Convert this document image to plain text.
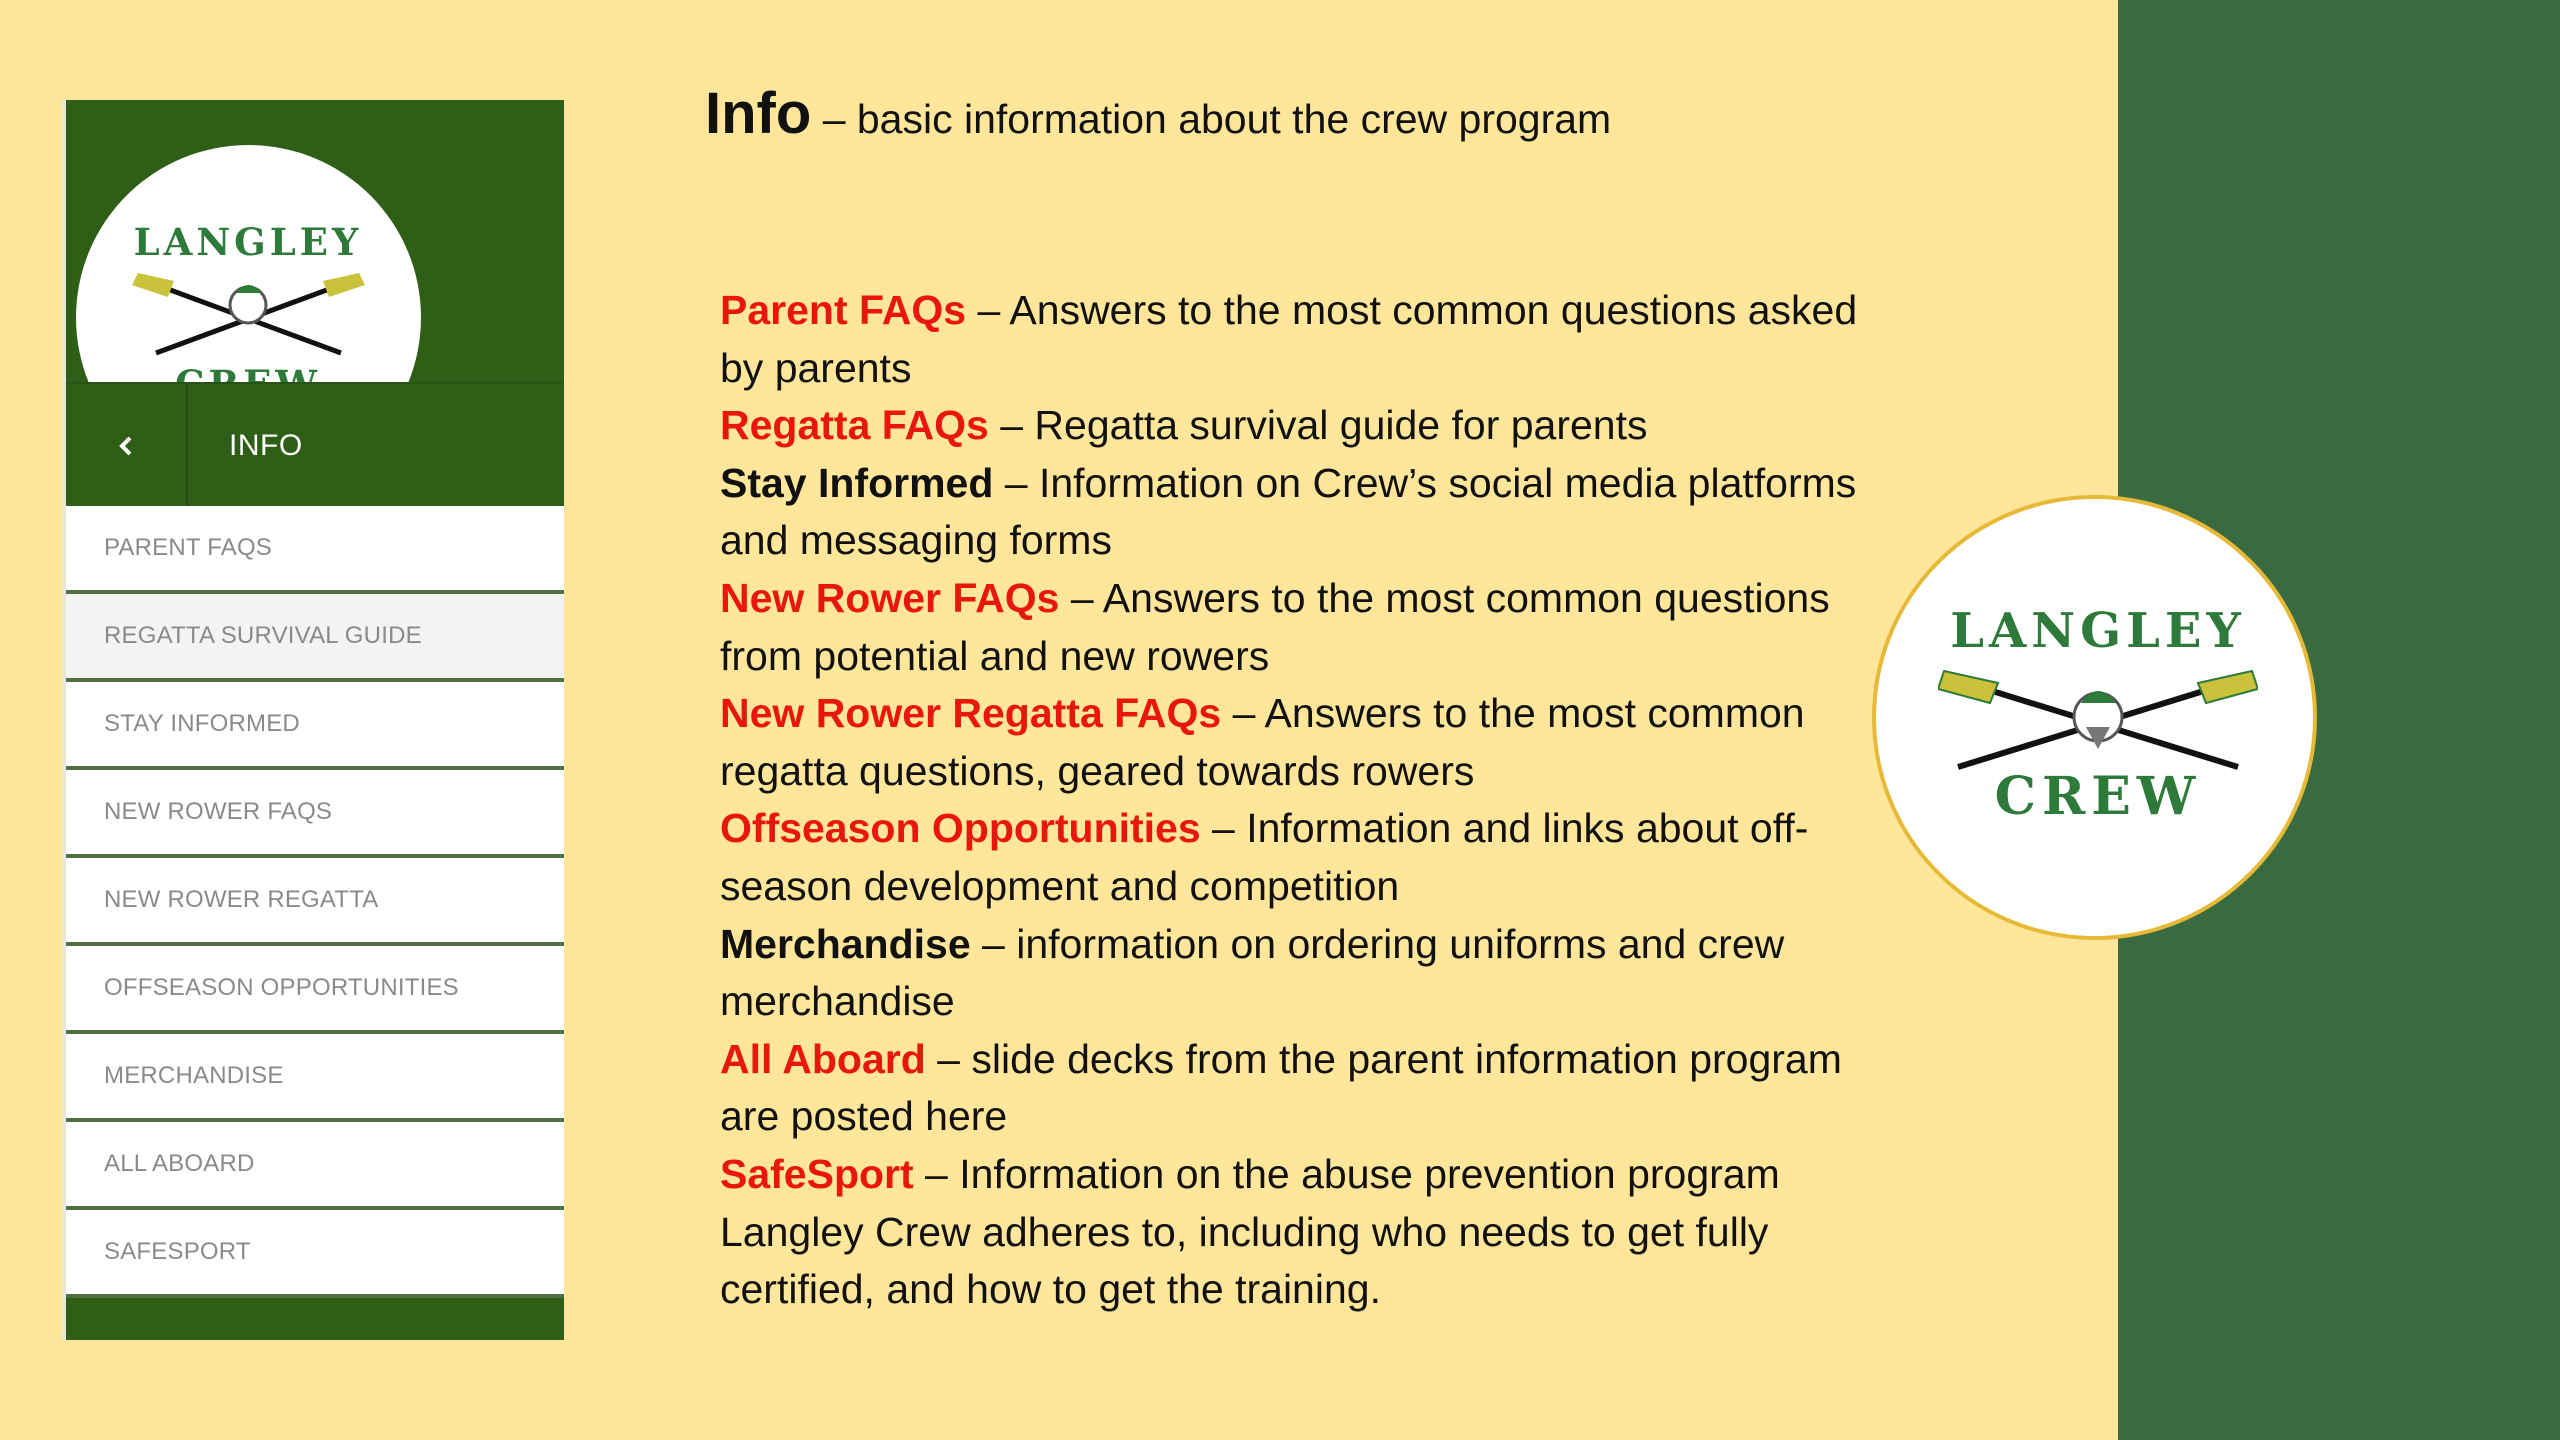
LANGLEY
INFO
PARENT FAQS
REGATTA SURVIVAL GUIDE
STAY INFORMED
NEW ROWER FAQS
NEW ROWER REGATTA
OFFSEASON OPPORTUNITIES
MERCHANDISE
ALL ABOARD
SAFESPORT
Info – basic information about the crew program

Parent FAQs – Answers to the most common questions asked by parents

Regatta FAQs – Regatta survival guide for parents

Stay Informed – Information on Crew’s social media platforms and messaging forms

New Rower FAQs – Answers to the most common questions from potential and new rowers

New Rower Regatta FAQs – Answers to the most common regatta questions, geared towards rowers

Offseason Opportunities – Information and links about off-season development and competition

Merchandise – information on ordering uniforms and crew merchandise

All Aboard – slide decks from the parent information program are posted here

SafeSport – Information on the abuse prevention program Langley Crew adheres to, including who needs to get fully certified, and how to get the training.

LANGLEY
CREW
